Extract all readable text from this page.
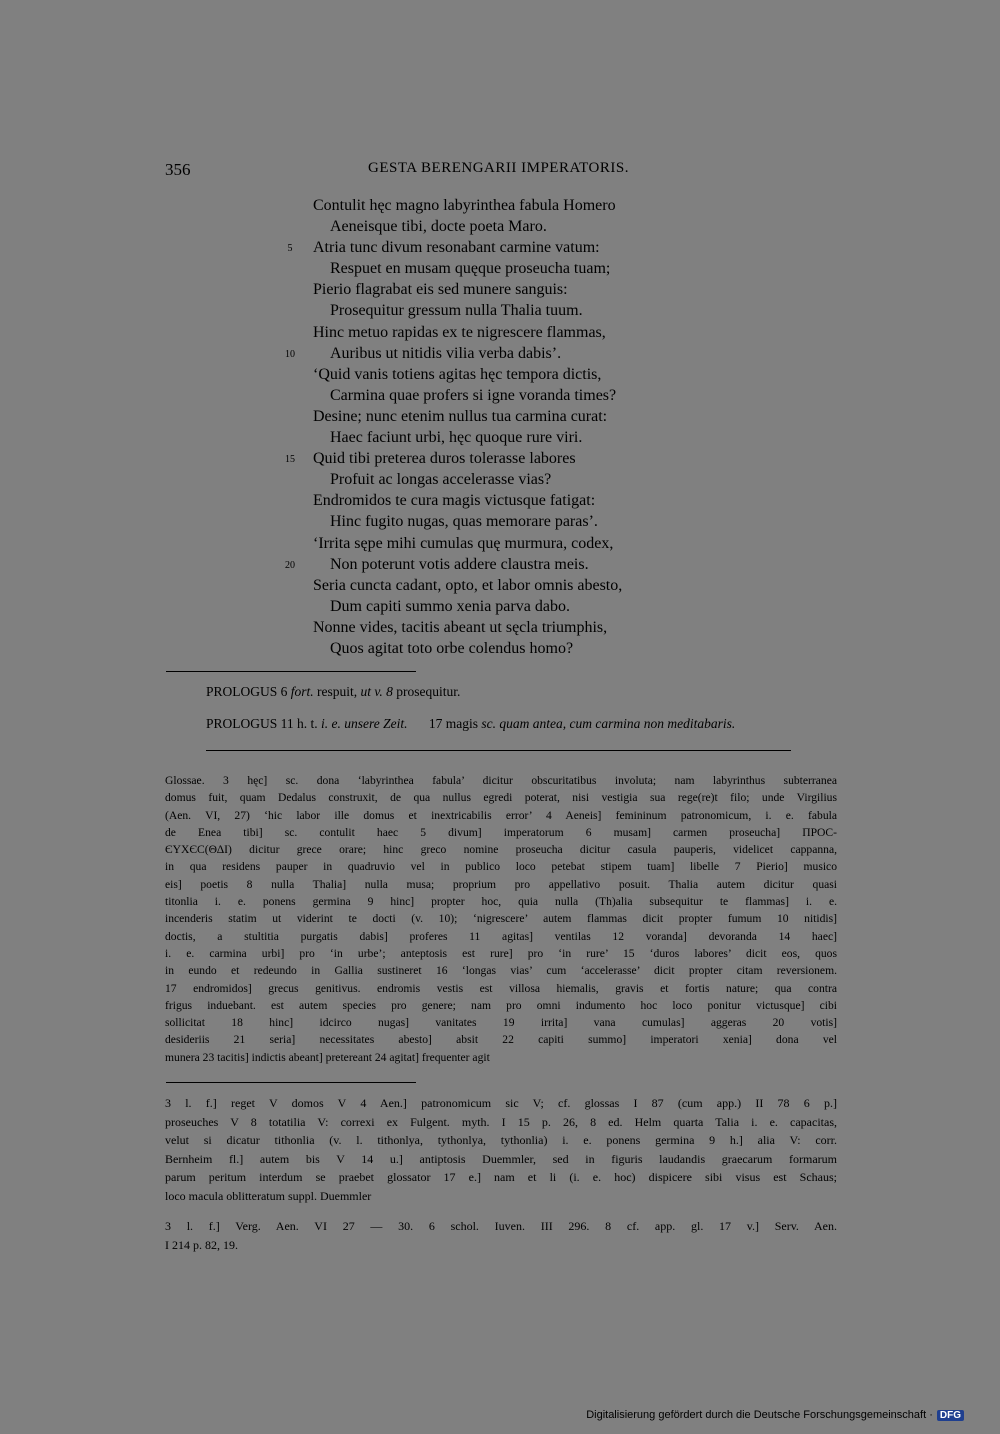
356	GESTA BERENGARII IMPERATORIS.
Contulit hęc magno labyrinthea fabula Homero
Aeneisque tibi, docte poeta Maro.
5 Atria tunc divum resonabant carmine vatum:
Respuet en musam quęque proseucha tuam;
Pierio flagrabat eis sed munere sanguis:
Prosequitur gressum nulla Thalia tuum.
Hinc metuo rapidas ex te nigrescere flammas,
10 Auribus ut nitidis vilia verba dabis’.
‘Quid vanis totiens agitas hęc tempora dictis,
Carmina quae profers si igne voranda times?
Desine; nunc etenim nullus tua carmina curat:
Haec faciunt urbi, hęc quoque rure viri.
15 Quid tibi preterea duros tolerasse labores
Profuit ac longas accelerasse vias?
Endromidos te cura magis victusque fatigat:
Hinc fugito nugas, quas memorare paras’.
‘Irrita sępe mihi cumulas quę murmura, codex,
20 Non poterunt votis addere claustra meis.
Seria cuncta cadant, opto, et labor omnis abesto,
Dum capiti summo xenia parva dabo.
Nonne vides, tacitis abeant ut sęcla triumphis,
Quos agitat toto orbe colendus homo?
PROLOGUS 6 fort. respuit, ut v. 8 prosequitur.
PROLOGUS 11 h. t. i. e. unsere Zeit. 17 magis sc. quam antea, cum carmina non meditabaris.
Glossae. 3 hęc] sc. dona ‘labyrinthea fabula’ dicitur obscuritatibus involuta; nam labyrinthus subterranea
domus fuit, quam Dedalus construxit, de qua nullus egredi poterat, nisi vestigia sua rege(re)t filo; unde Virgilius
(Aen. VI, 27) ‘hic labor ille domus et inextricabilis error’ 4 Aeneis] femininum patronomicum, i. e. fabula
de Enea tibi] sc. contulit haec 5 divum] imperatorum 6 musam] carmen proseucha] ΠΡΟC-
ЄYXЄC(ΘΔΙ) dicitur grece orare; hinc greco nomine proseucha dicitur casula pauperis, videlicet cappanna,
in qua residens pauper in quadruvio vel in publico loco petebat stipem tuam] libelle 7 Pierio] musico
eis] poetis 8 nulla Thalia] nulla musa; proprium pro appellativo posuit. Thalia autem dicitur quasi
titonlia i. e. ponens germina 9 hinc] propter hoc, quia nulla (Th)alia subsequitur te flammas] i. e.
incenderis statim ut viderint te docti (v. 10); ‘nigrescere’ autem flammas dicit propter fumum 10 nitidis]
doctis, a stultitia purgatis dabis] proferes 11 agitas] ventilas 12 voranda] devoranda 14 haec]
i. e. carmina urbi] pro ‘in urbe’; anteptosis est rure] pro ‘in rure’ 15 ‘duros labores’ dicit eos, quos
in eundo et redeundo in Gallia sustineret 16 ‘longas vias’ cum ‘accelerasse’ dicit propter citam reversionem.
17 endromidos] grecus genitivus. endromis vestis est villosa hiemalis, gravis et fortis nature; qua contra
frigus induebant. est autem species pro genere; nam pro omni indumento hoc loco ponitur victusque] cibi
sollicitat 18 hinc] idcirco nugas] vanitates 19 irrita] vana cumulas] aggeras 20 votis]
desideriis 21 seria] necessitates abesto] absit 22 capiti summo] imperatori xenia] dona vel
munera 23 tacitis] indictis abeant] pretereant 24 agitat] frequenter agit
3 l. f.] reget V domos V 4 Aen.] patronomicum sic V; cf. glossas I 87 (cum app.) II 78 6 p.]
proseuches V 8 totatilia V: correxi ex Fulgent. myth. I 15 p. 26, 8 ed. Helm quarta Talia i. e. capacitas,
velut si dicatur tithonlia (v. l. tithonlya, tythonlya, tythonlia) i. e. ponens germina 9 h.] alia V: corr.
Bernheim fl.] autem bis V 14 u.] antiptosis Duemmler, sed in figuris laudandis graecarum formarum
parum peritum interdum se praebet glossator 17 e.] nam et li (i. e. hoc) dispicere sibi visus est Schaus;
loco macula oblitteratum suppl. Duemmler
3 l. f.] Verg. Aen. VI 27 — 30. 6 schol. Iuven. III 296. 8 cf. app. gl. 17 v.] Serv. Aen.
I 214 p. 82, 19.
Digitalisierung gefördert durch die Deutsche Forschungsgemeinschaft · DFG
